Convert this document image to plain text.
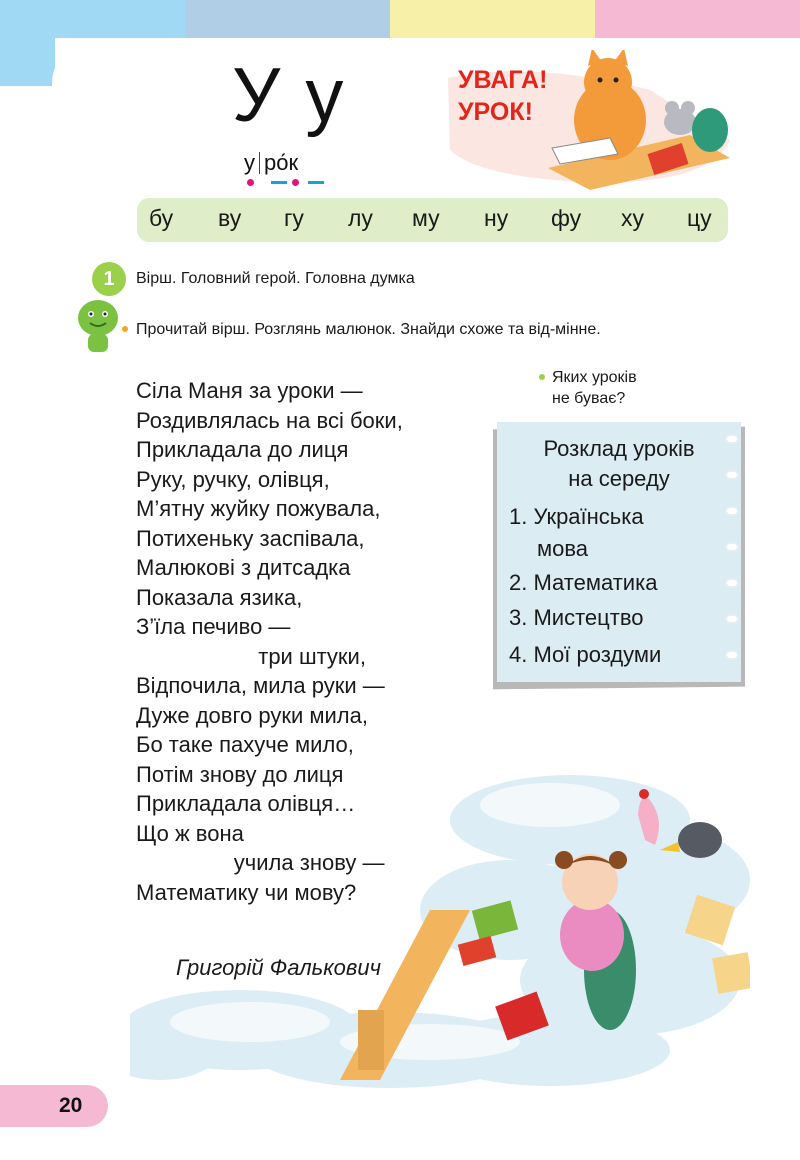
У у
у ро́к
УВАГА!
УРОК!
бу ву гу лу му ну фу ху цу
1	Вірш. Головний герой. Головна думка
Прочитай вірш. Розглянь малюнок. Знайди схоже та від-мінне.
Сіла Маня за уроки —
Роздивлялась на всі боки,
Прикладала до лиця
Руку, ручку, олівця,
М’ятну жуйку пожувала,
Потихеньку заспівала,
Малюкові з дитсадка
Показала язика,
З’їла печиво —
три штуки,
Відпочила, мила руки —
Дуже довго руки мила,
Бо таке пахуче мило,
Потім знову до лиця
Прикладала олівця…
Що ж вона
учила знову —
Математику чи мову?
Григорій Фалькович
Яких уроків
не буває?
Розклад уроків
на середу
1. Українська
мова
2. Математика
3. Мистецтво
4. Мої роздуми
20
